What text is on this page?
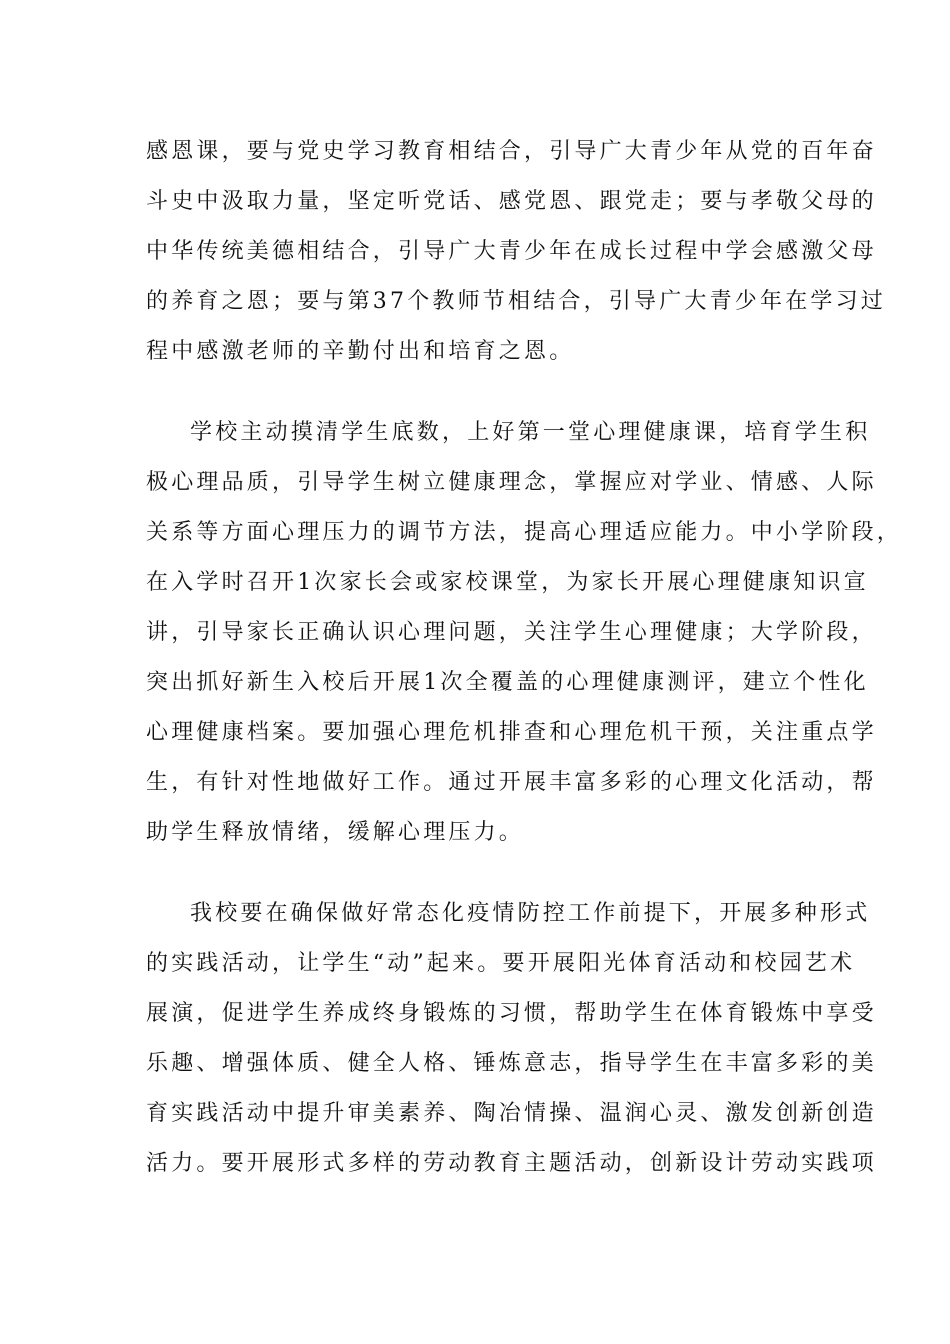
感恩课，要与党史学习教育相结合，引导广大青少年从党的百年奋
斗史中汲取力量，坚定听党话、感党恩、跟党走；要与孝敬父母的
中华传统美德相结合，引导广大青少年在成长过程中学会感激父母
的养育之恩；要与第37个教师节相结合，引导广大青少年在学习过
程中感激老师的辛勤付出和培育之恩。
学校主动摸清学生底数，上好第一堂心理健康课，培育学生积
极心理品质，引导学生树立健康理念，掌握应对学业、情感、人际
关系等方面心理压力的调节方法，提高心理适应能力。中小学阶段，
在入学时召开1次家长会或家校课堂，为家长开展心理健康知识宣
讲，引导家长正确认识心理问题，关注学生心理健康；大学阶段，
突出抓好新生入校后开展1次全覆盖的心理健康测评，建立个性化
心理健康档案。要加强心理危机排查和心理危机干预，关注重点学
生，有针对性地做好工作。通过开展丰富多彩的心理文化活动，帮
助学生释放情绪，缓解心理压力。
我校要在确保做好常态化疫情防控工作前提下，开展多种形式
的实践活动，让学生“动”起来。要开展阳光体育活动和校园艺术
展演，促进学生养成终身锻炼的习惯，帮助学生在体育锻炼中享受
乐趣、增强体质、健全人格、锤炼意志，指导学生在丰富多彩的美
育实践活动中提升审美素养、陶冶情操、温润心灵、激发创新创造
活力。要开展形式多样的劳动教育主题活动，创新设计劳动实践项
